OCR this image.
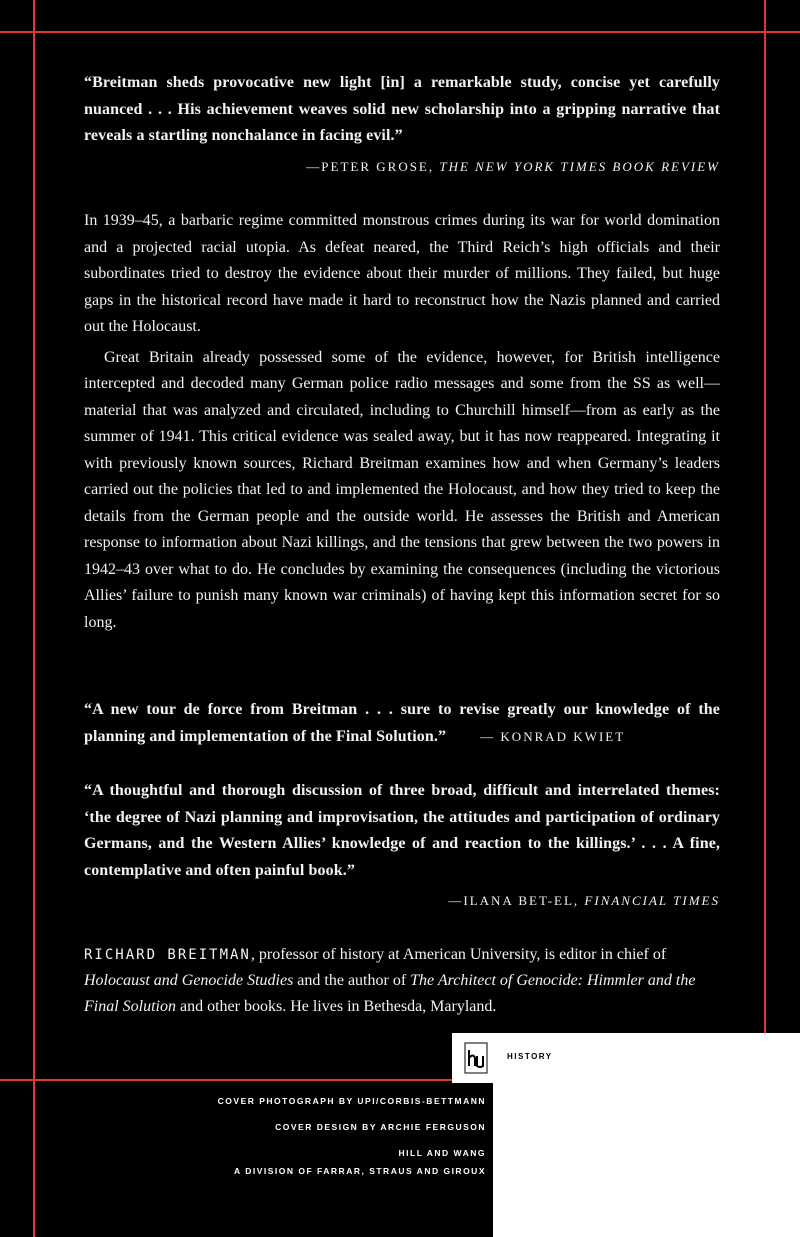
“Breitman sheds provocative new light [in] a remarkable study, concise yet carefully nuanced . . . His achievement weaves solid new scholarship into a gripping narrative that reveals a startling nonchalance in facing evil.”

—PETER GROSE, THE NEW YORK TIMES BOOK REVIEW

In 1939–45, a barbaric regime committed monstrous crimes during its war for world domination and a projected racial utopia. As defeat neared, the Third Reich’s high officials and their subordinates tried to destroy the evidence about their murder of millions. They failed, but huge gaps in the historical record have made it hard to reconstruct how the Nazis planned and carried out the Holocaust.

Great Britain already possessed some of the evidence, however, for British intelligence intercepted and decoded many German police radio messages and some from the SS as well—material that was analyzed and circulated, including to Churchill himself—from as early as the summer of 1941. This critical evidence was sealed away, but it has now reappeared. Integrating it with previously known sources, Richard Breitman examines how and when Germany’s leaders carried out the policies that led to and implemented the Holocaust, and how they tried to keep the details from the German people and the outside world. He assesses the British and American response to information about Nazi killings, and the tensions that grew between the two powers in 1942–43 over what to do. He concludes by examining the consequences (including the victorious Allies’ failure to punish many known war criminals) of having kept this information secret for so long.

“A new tour de force from Breitman . . . sure to revise greatly our knowledge of the planning and implementation of the Final Solution.”	— KONRAD KWIET

“A thoughtful and thorough discussion of three broad, difficult and interrelated themes: ‘the degree of Nazi planning and improvisation, the attitudes and participation of ordinary Germans, and the Western Allies’ knowledge of and reaction to the killings.’ . . . A fine, contemplative and often painful book.”

—ILANA BET-EL, FINANCIAL TIMES
RICHARD BREITMAN, professor of history at American University, is editor in chief of Holocaust and Genocide Studies and the author of The Architect of Genocide: Himmler and the Final Solution and other books. He lives in Bethesda, Maryland.
HISTORY
COVER PHOTOGRAPH BY UPI/CORBIS-BETTMANN
COVER DESIGN BY ARCHIE FERGUSON
HILL AND WANG
A DIVISION OF FARRAR, STRAUS AND GIROUX
